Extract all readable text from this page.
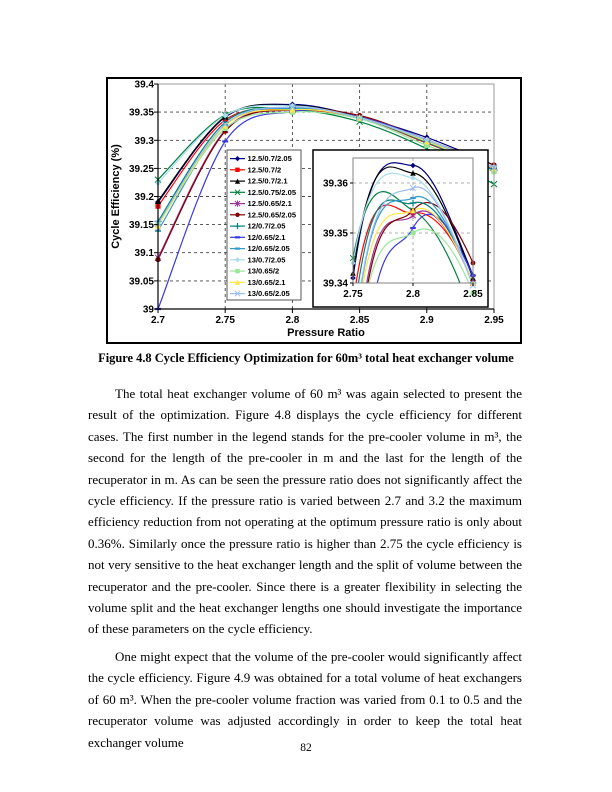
12.5/0.7/2.05
12.5/0.7/2
12.5/0.7/2.1
12.5/0.75/2.05
12.5/0.65/2.1
12.5/0.65/2.05
12/0.7/2.05
12/0.65/2.1
12/0.65/2.05
13/0.7/2.05
13/0.65/2
13/0.65/2.1
13/0.65/2.05
39.34
39.35
39.36
2.75	2.8	2.85
39
39.05
39.1
39.15
39.2
39.25
39.3
39.35
39.4
2.7	2.75	2.8	2.85	2.9	2.95
Pressure Ratio
Cycle Efficiency (%)
Figure 4.8 Cycle Efficiency Optimization for 60m³ total heat exchanger volume

The total heat exchanger volume of 60 m³ was again selected to present the result of the optimization. Figure 4.8 displays the cycle efficiency for different cases. The first number in the legend stands for the pre-cooler volume in m³, the second for the length of the pre-cooler in m and the last for the length of the recuperator in m. As can be seen the pressure ratio does not significantly affect the cycle efficiency. If the pressure ratio is varied between 2.7 and 3.2 the maximum efficiency reduction from not operating at the optimum pressure ratio is only about 0.36%. Similarly once the pressure ratio is higher than 2.75 the cycle efficiency is not very sensitive to the heat exchanger length and the split of volume between the recuperator and the pre-cooler. Since there is a greater flexibility in selecting the volume split and the heat exchanger lengths one should investigate the importance of these parameters on the cycle efficiency.

One might expect that the volume of the pre-cooler would significantly affect the cycle efficiency. Figure 4.9 was obtained for a total volume of heat exchangers of 60 m³. When the pre-cooler volume fraction was varied from 0.1 to 0.5 and the recuperator volume was adjusted accordingly in order to keep the total heat exchanger volume	82
